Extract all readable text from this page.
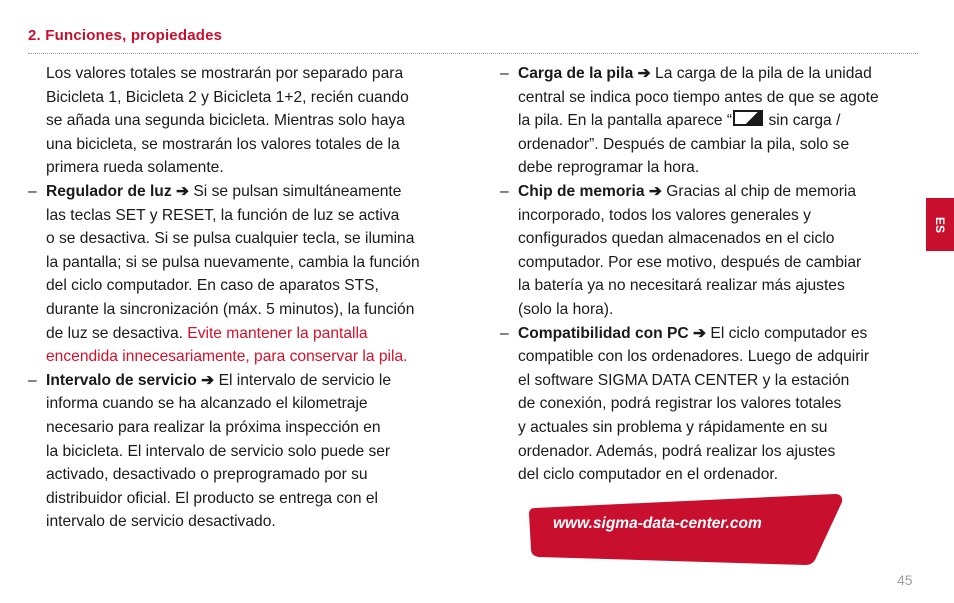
2. Funciones, propiedades
Los valores totales se mostrarán por separado para
Bicicleta 1, Bicicleta 2 y Bicicleta 1+2, recién cuando
se añada una segunda bicicleta. Mientras solo haya
una bicicleta, se mostrarán los valores totales de la
primera rueda solamente.
– Regulador de luz ➔ Si se pulsan simultáneamente
las teclas SET y RESET, la función de luz se activa
o se desactiva. Si se pulsa cualquier tecla, se ilumina
la pantalla; si se pulsa nuevamente, cambia la función
del ciclo computador. En caso de aparatos STS,
durante la sincronización (máx. 5 minutos), la función
de luz se desactiva. Evite mantener la pantalla
encendida innecesariamente, para conservar la pila.
– Intervalo de servicio ➔ El intervalo de servicio le
informa cuando se ha alcanzado el kilometraje
necesario para realizar la próxima inspección en
la bicicleta. El intervalo de servicio solo puede ser
activado, desactivado o preprogramado por su
distribuidor oficial. El producto se entrega con el
intervalo de servicio desactivado.
– Carga de la pila ➔ La carga de la pila de la unidad
central se indica poco tiempo antes de que se agote
la pila. En la pantalla aparece “ sin carga /
ordenador”. Después de cambiar la pila, solo se
debe reprogramar la hora.
– Chip de memoria ➔ Gracias al chip de memoria
incorporado, todos los valores generales y
configurados quedan almacenados en el ciclo
computador. Por ese motivo, después de cambiar
la batería ya no necesitará realizar más ajustes
(solo la hora).
– Compatibilidad con PC ➔ El ciclo computador es
compatible con los ordenadores. Luego de adquirir
el software SIGMA DATA CENTER y la estación
de conexión, podrá registrar los valores totales
y actuales sin problema y rápidamente en su
ordenador. Además, podrá realizar los ajustes
del ciclo computador en el ordenador.
ES
www.sigma-data-center.com
45
